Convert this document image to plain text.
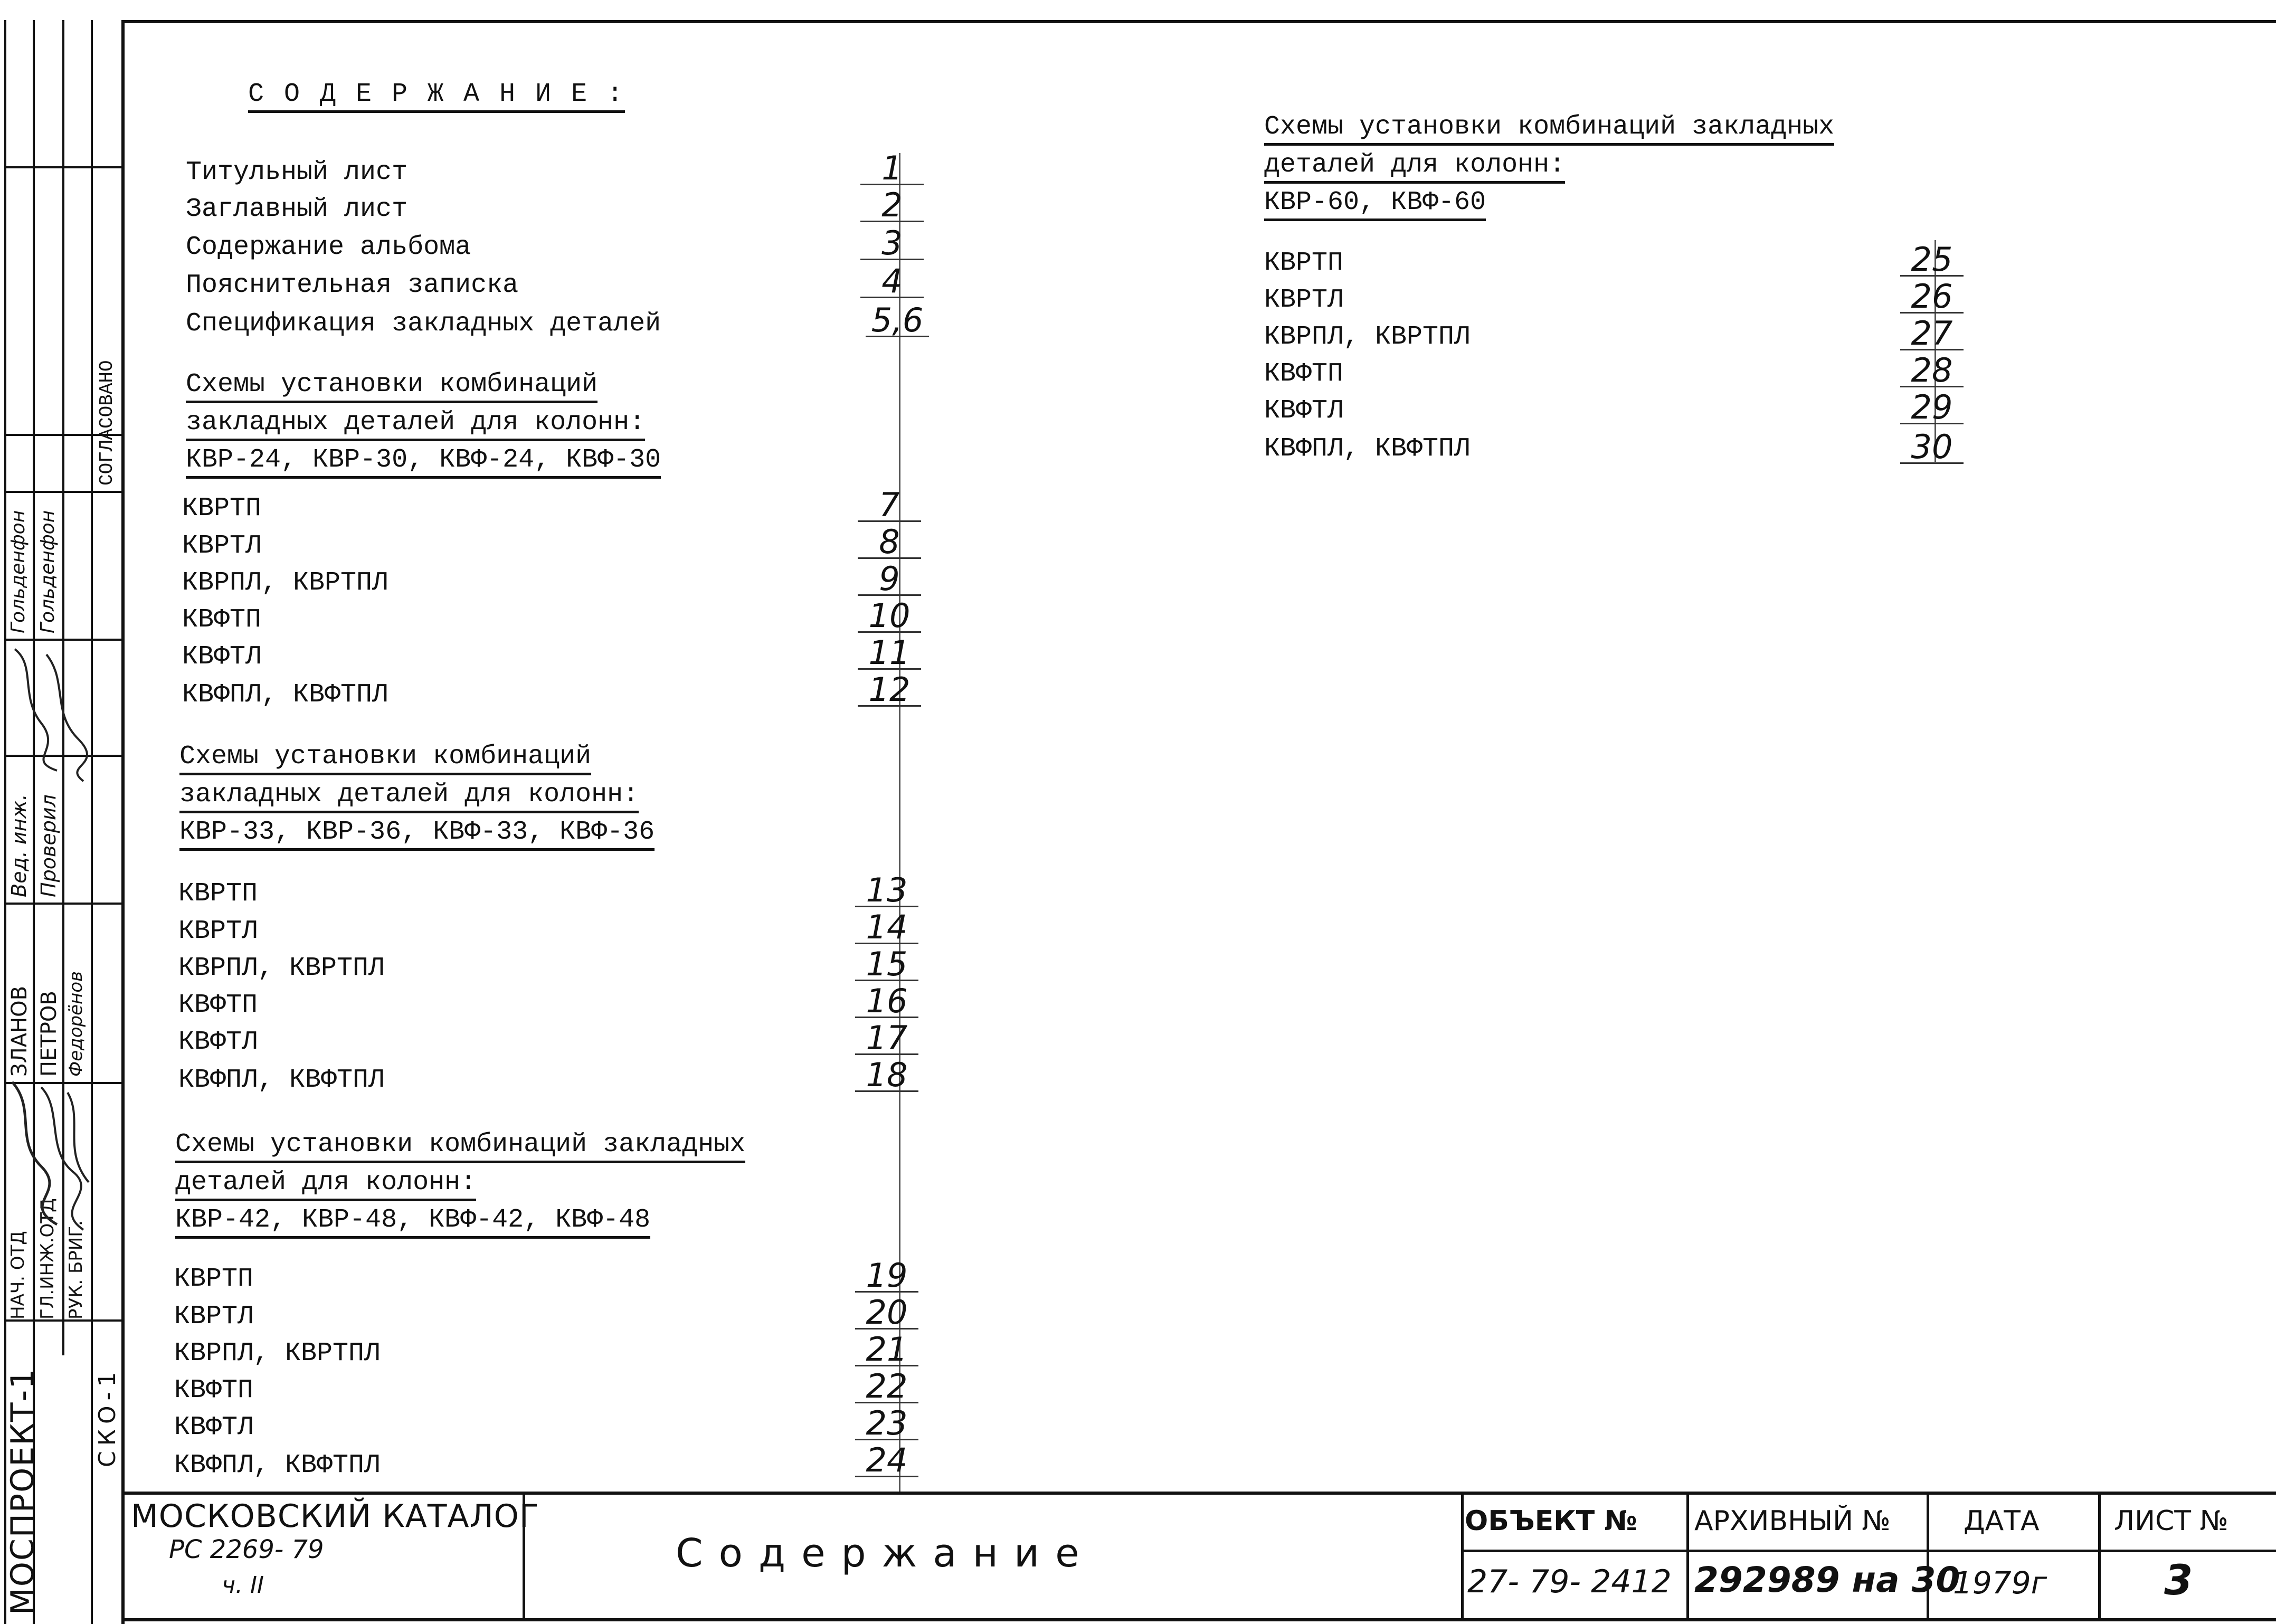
МОСПРОЕКТ-1
СОГЛАСОВАНО
СКО-1
НАЧ. ОТД ГЛ.ИНЖ.ОТД РУК. БРИГ.
ЗЛАНОВ ПЕТРОВ Федорёнов
Вед. инж. Проверил
Гольденфон Гольденфон
С О Д Е Р Ж А Н И Е :
Титульный лист
Заглавный лист
Содержание альбома
Пояснительная записка
Спецификация закладных деталей
1
2
3
4
5,6
Схемы установки комбинаций
закладных деталей для колонн:
КВР-24, КВР-30, КВФ-24, КВФ-30
КВРТП
КВРТЛ
КВРПЛ, КВРТПЛ
КВФТП
КВФТЛ
КВФПЛ, КВФТПЛ
7
8
9
10
11
12
Схемы установки комбинаций
закладных деталей для колонн:
КВР-33, КВР-36, КВФ-33, КВФ-36
КВРТП
КВРТЛ
КВРПЛ, КВРТПЛ
КВФТП
КВФТЛ
КВФПЛ, КВФТПЛ
13
14
15
16
17
18
Схемы установки комбинаций закладных
деталей для колонн:
КВР-42, КВР-48, КВФ-42, КВФ-48
КВРТП
КВРТЛ
КВРПЛ, КВРТПЛ
КВФТП
КВФТЛ
КВФПЛ, КВФТПЛ
19
20
21
22
23
24
Схемы установки комбинаций закладных
деталей для колонн:
КВР-60, КВФ-60
КВРТП
КВРТЛ
КВРПЛ, КВРТПЛ
КВФТП
КВФТЛ
КВФПЛ, КВФТПЛ
25
26
27
28
29
30
МОСКОВСКИЙ КАТАЛОГ
РС 2269- 79
ч. II
Содержание
ОБЪЕКТ №
27- 79- 2412
АРХИВНЫЙ №
292989 на 30
ДАТА
1979г
ЛИСТ №
3
